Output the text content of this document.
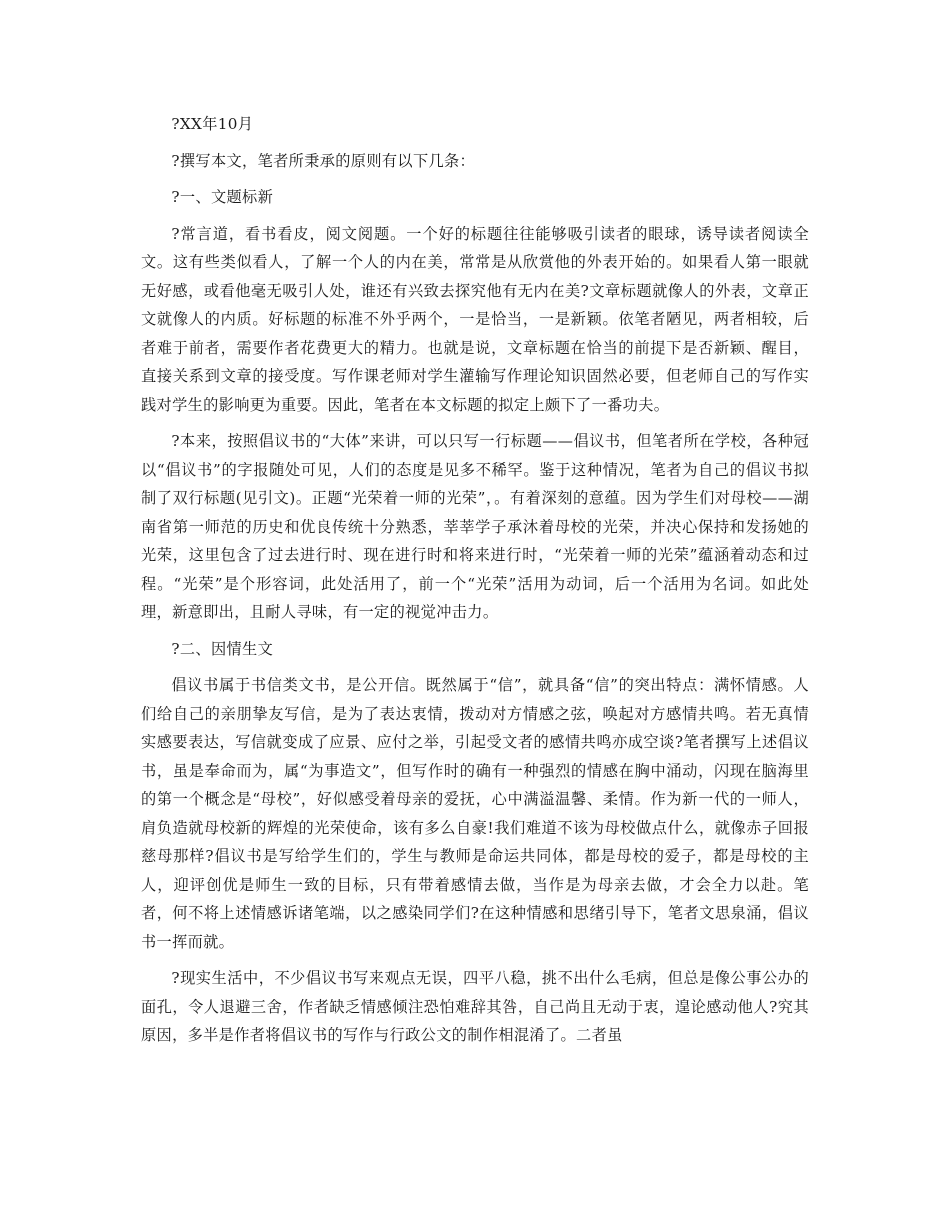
?XX年10月

?撰写本文，笔者所秉承的原则有以下几条：

?一、文题标新

?常言道，看书看皮，阅文阅题。一个好的标题往往能够吸引读者的眼球，诱导读者阅读全文。这有些类似看人，了解一个人的内在美，常常是从欣赏他的外表开始的。如果看人第一眼就无好感，或看他毫无吸引人处，谁还有兴致去探究他有无内在美?文章标题就像人的外表，文章正文就像人的内质。好标题的标准不外乎两个，一是恰当，一是新颖。依笔者陋见，两者相较，后者难于前者，需要作者花费更大的精力。也就是说，文章标题在恰当的前提下是否新颖、醒目，直接关系到文章的接受度。写作课老师对学生灌输写作理论知识固然必要，但老师自己的写作实践对学生的影响更为重要。因此，笔者在本文标题的拟定上颇下了一番功夫。

?本来，按照倡议书的“大体”来讲，可以只写一行标题——倡议书，但笔者所在学校，各种冠以“倡议书”的字报随处可见，人们的态度是见多不稀罕。鉴于这种情况，笔者为自己的倡议书拟制了双行标题(见引文)。正题“光荣着一师的光荣”，。有着深刻的意蕴。因为学生们对母校——湖南省第一师范的历史和优良传统十分熟悉，莘莘学子承沐着母校的光荣，并决心保持和发扬她的光荣，这里包含了过去进行时、现在进行时和将来进行时，“光荣着一师的光荣”蕴涵着动态和过程。“光荣”是个形容词，此处活用了，前一个“光荣”活用为动词，后一个活用为名词。如此处理，新意即出，且耐人寻味，有一定的视觉冲击力。

?二、因情生文

倡议书属于书信类文书，是公开信。既然属于“信”，就具备“信”的突出特点：满怀情感。人们给自己的亲朋挚友写信，是为了表达衷情，拨动对方情感之弦，唤起对方感情共鸣。若无真情实感要表达，写信就变成了应景、应付之举，引起受文者的感情共鸣亦成空谈?笔者撰写上述倡议书，虽是奉命而为，属“为事造文”，但写作时的确有一种强烈的情感在胸中涌动，闪现在脑海里的第一个概念是“母校”，好似感受着母亲的爱抚，心中满溢温馨、柔情。作为新一代的一师人，肩负造就母校新的辉煌的光荣使命，该有多么自豪!我们难道不该为母校做点什么，就像赤子回报慈母那样?倡议书是写给学生们的，学生与教师是命运共同体，都是母校的爱子，都是母校的主人，迎评创优是师生一致的目标，只有带着感情去做，当作是为母亲去做，才会全力以赴。笔者，何不将上述情感诉诸笔端，以之感染同学们?在这种情感和思绪引导下，笔者文思泉涌，倡议书一挥而就。

?现实生活中，不少倡议书写来观点无误，四平八稳，挑不出什么毛病，但总是像公事公办的面孔，令人退避三舍，作者缺乏情感倾注恐怕难辞其咎，自己尚且无动于衷，遑论感动他人?究其原因，多半是作者将倡议书的写作与行政公文的制作相混淆了。二者虽
